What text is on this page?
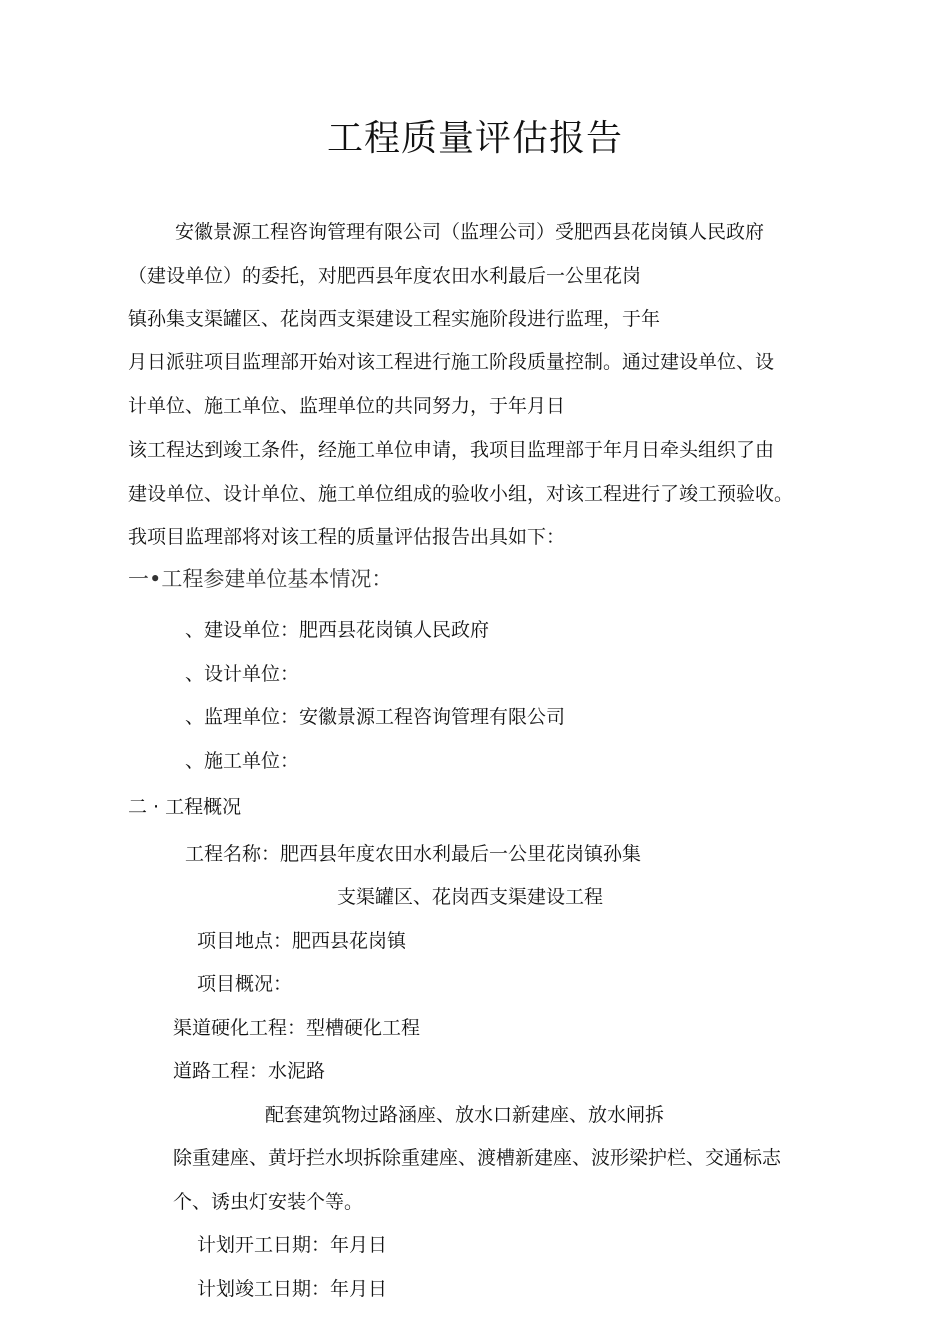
工程质量评估报告
安徽景源工程咨询管理有限公司（监理公司）受肥西县花岗镇人民政府
（建设单位）的委托，对肥西县年度农田水利最后一公里花岗
镇孙集支渠罐区、花岗西支渠建设工程实施阶段进行监理，于年
月日派驻项目监理部开始对该工程进行施工阶段质量控制。通过建设单位、设
计单位、施工单位、监理单位的共同努力，于年月日
该工程达到竣工条件，经施工单位申请，我项目监理部于年月日牵头组织了由
建设单位、设计单位、施工单位组成的验收小组，对该工程进行了竣工预验收。
我项目监理部将对该工程的质量评估报告出具如下：
一•工程参建单位基本情况：
、建设单位：肥西县花岗镇人民政府
、设计单位：
、监理单位：安徽景源工程咨询管理有限公司
、施工单位：
二 · 工程概况
工程名称：肥西县年度农田水利最后一公里花岗镇孙集
支渠罐区、花岗西支渠建设工程
项目地点：肥西县花岗镇
项目概况：
渠道硬化工程：型槽硬化工程
道路工程：水泥路
配套建筑物过路涵座、放水口新建座、放水闸拆
除重建座、黄圩拦水坝拆除重建座、渡槽新建座、波形梁护栏、交通标志
个、诱虫灯安装个等。
计划开工日期：年月日
计划竣工日期：年月日
